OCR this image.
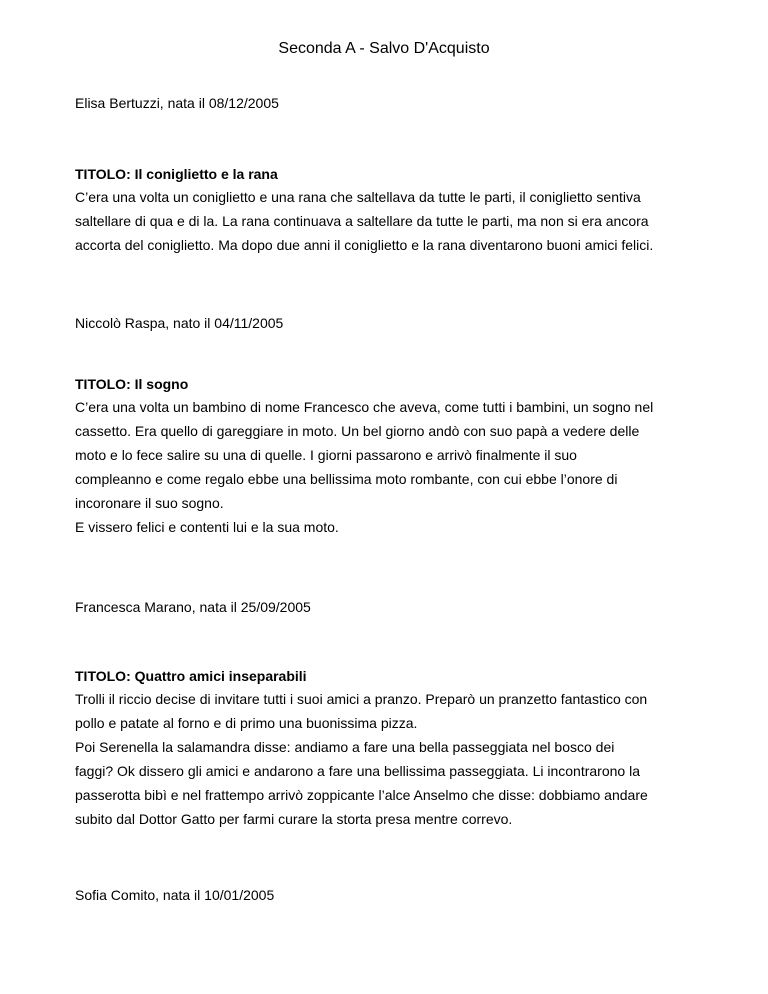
Seconda A - Salvo D'Acquisto

Elisa Bertuzzi, nata il 08/12/2005

TITOLO: Il coniglietto e la rana

C’era una volta un coniglietto e una rana che saltellava da tutte le parti, il coniglietto sentiva
saltellare di qua e di la. La rana continuava a saltellare da tutte le parti, ma non si era ancora
accorta del coniglietto. Ma dopo due anni il coniglietto e la rana diventarono buoni amici felici.

Niccolò Raspa, nato il 04/11/2005

TITOLO: Il sogno

C’era una volta un bambino di nome Francesco che aveva, come tutti i bambini, un sogno nel
cassetto. Era quello di gareggiare in moto. Un bel giorno andò con suo papà a vedere delle
moto e lo fece salire su una di quelle. I giorni passarono e arrivò finalmente il suo
compleanno e come regalo ebbe una bellissima moto rombante, con cui ebbe l’onore di
incoronare il suo sogno.
E vissero felici e contenti lui e la sua moto.

Francesca Marano, nata il 25/09/2005

TITOLO: Quattro amici inseparabili

Trolli il riccio decise di invitare tutti i suoi amici a pranzo. Preparò un pranzetto fantastico con
pollo e patate al forno e di primo una buonissima pizza.
Poi Serenella la salamandra disse: andiamo a fare una bella passeggiata nel bosco dei
faggi? Ok dissero gli amici e andarono a fare una bellissima passeggiata. Li incontrarono la
passerotta bibì e nel frattempo arrivò zoppicante l’alce Anselmo che disse: dobbiamo andare
subito dal Dottor Gatto per farmi curare la storta presa mentre correvo.

Sofia Comito, nata il 10/01/2005
